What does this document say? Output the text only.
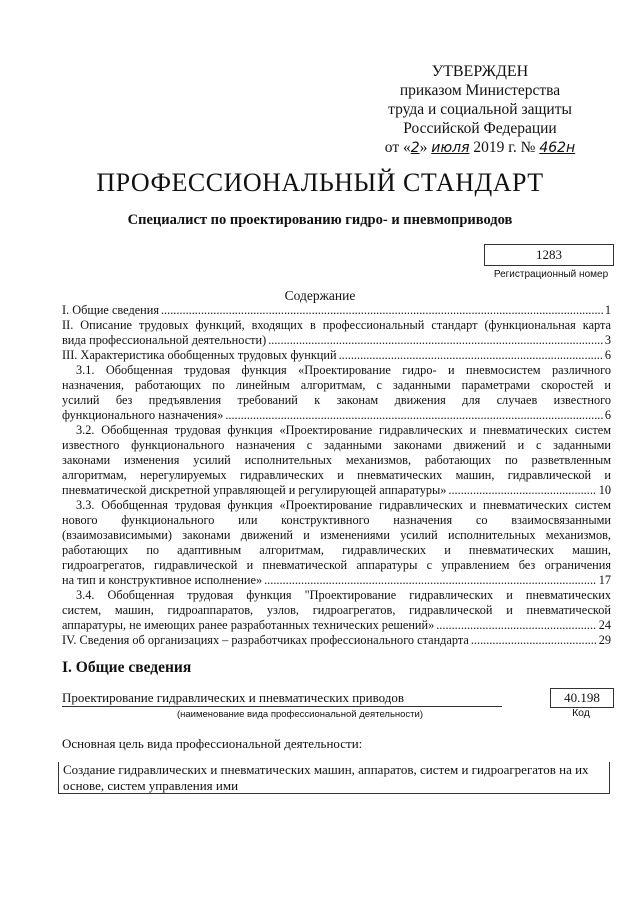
УТВЕРЖДЕН
приказом Министерства
труда и социальной защиты
Российской Федерации
от «2» июля 2019 г. № 462н
ПРОФЕССИОНАЛЬНЫЙ СТАНДАРТ
Специалист по проектированию гидро- и пневмоприводов
1283
Регистрационный номер
Содержание
I. Общие сведения .....	1
II. Описание трудовых функций, входящих в профессиональный стандарт (функциональная карта
вида профессиональной деятельности) .....	3
III. Характеристика обобщенных трудовых функций .....	6
3.1. Обобщенная трудовая функция «Проектирование гидро- и пневмосистем различного
назначения, работающих по линейным алгоритмам, с заданными параметрами скоростей и
усилий без предъявления требований к законам движения для случаев известного
функционального назначения» .....	6
3.2. Обобщенная трудовая функция «Проектирование гидравлических и пневматических систем
известного функционального назначения с заданными законами движений и с заданными
законами изменения усилий исполнительных механизмов, работающих по разветвленным
алгоритмам, нерегулируемых гидравлических и пневматических машин, гидравлической и
пневматической дискретной управляющей и регулирующей аппаратуры» .....	10
3.3. Обобщенная трудовая функция «Проектирование гидравлических и пневматических систем
нового функционального или конструктивного назначения со взаимосвязанными
(взаимозависимыми) законами движений и изменениями усилий исполнительных механизмов,
работающих по адаптивным алгоритмам, гидравлических и пневматических машин,
гидроагрегатов, гидравлической и пневматической аппаратуры с управлением без ограничения
на тип и конструктивное исполнение» .....	17
3.4. Обобщенная трудовая функция "Проектирование гидравлических и пневматических
систем, машин, гидроаппаратов, узлов, гидроагрегатов, гидравлической и пневматической
аппаратуры, не имеющих ранее разработанных технических решений» .....	24
IV. Сведения об организациях – разработчиках профессионального стандарта .....	29
I. Общие сведения
Проектирование гидравлических и пневматических приводов
(наименование вида профессиональной деятельности)
40.198
Код
Основная цель вида профессиональной деятельности:
Создание гидравлических и пневматических машин, аппаратов, систем и гидроагрегатов на их
основе, систем управления ими
